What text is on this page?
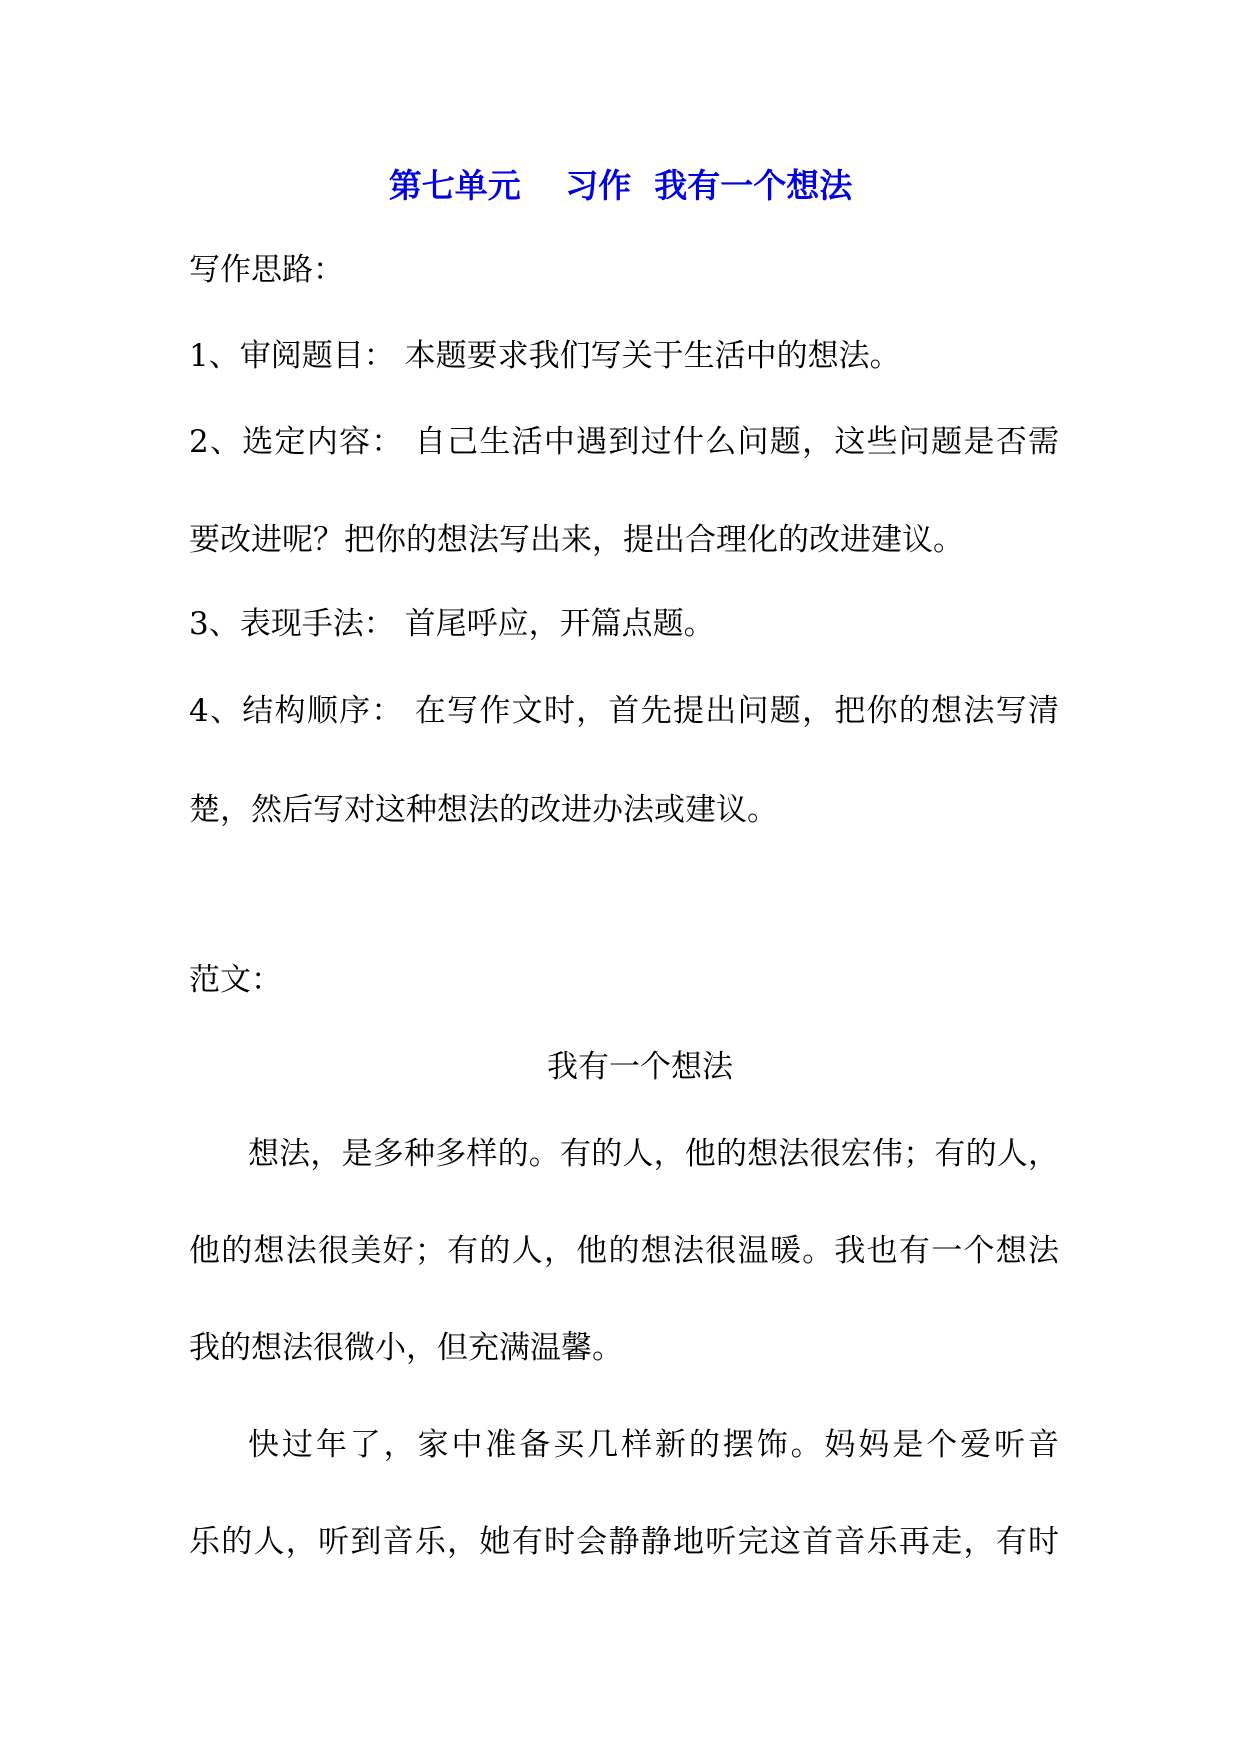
第七单元　 习作  我有一个想法
写作思路：
1、审阅题目： 本题要求我们写关于生活中的想法。
2、选定内容： 自己生活中遇到过什么问题，这些问题是否需
要改进呢？把你的想法写出来，提出合理化的改进建议。
3、表现手法： 首尾呼应，开篇点题。
4、结构顺序： 在写作文时，首先提出问题，把你的想法写清
楚，然后写对这种想法的改进办法或建议。
范文：
我有一个想法
想法，是多种多样的。有的人，他的想法很宏伟；有的人，
他的想法很美好；有的人，他的想法很温暖。我也有一个想法
我的想法很微小，但充满温馨。
快过年了，家中准备买几样新的摆饰。妈妈是个爱听音
乐的人，听到音乐，她有时会静静地听完这首音乐再走，有时
